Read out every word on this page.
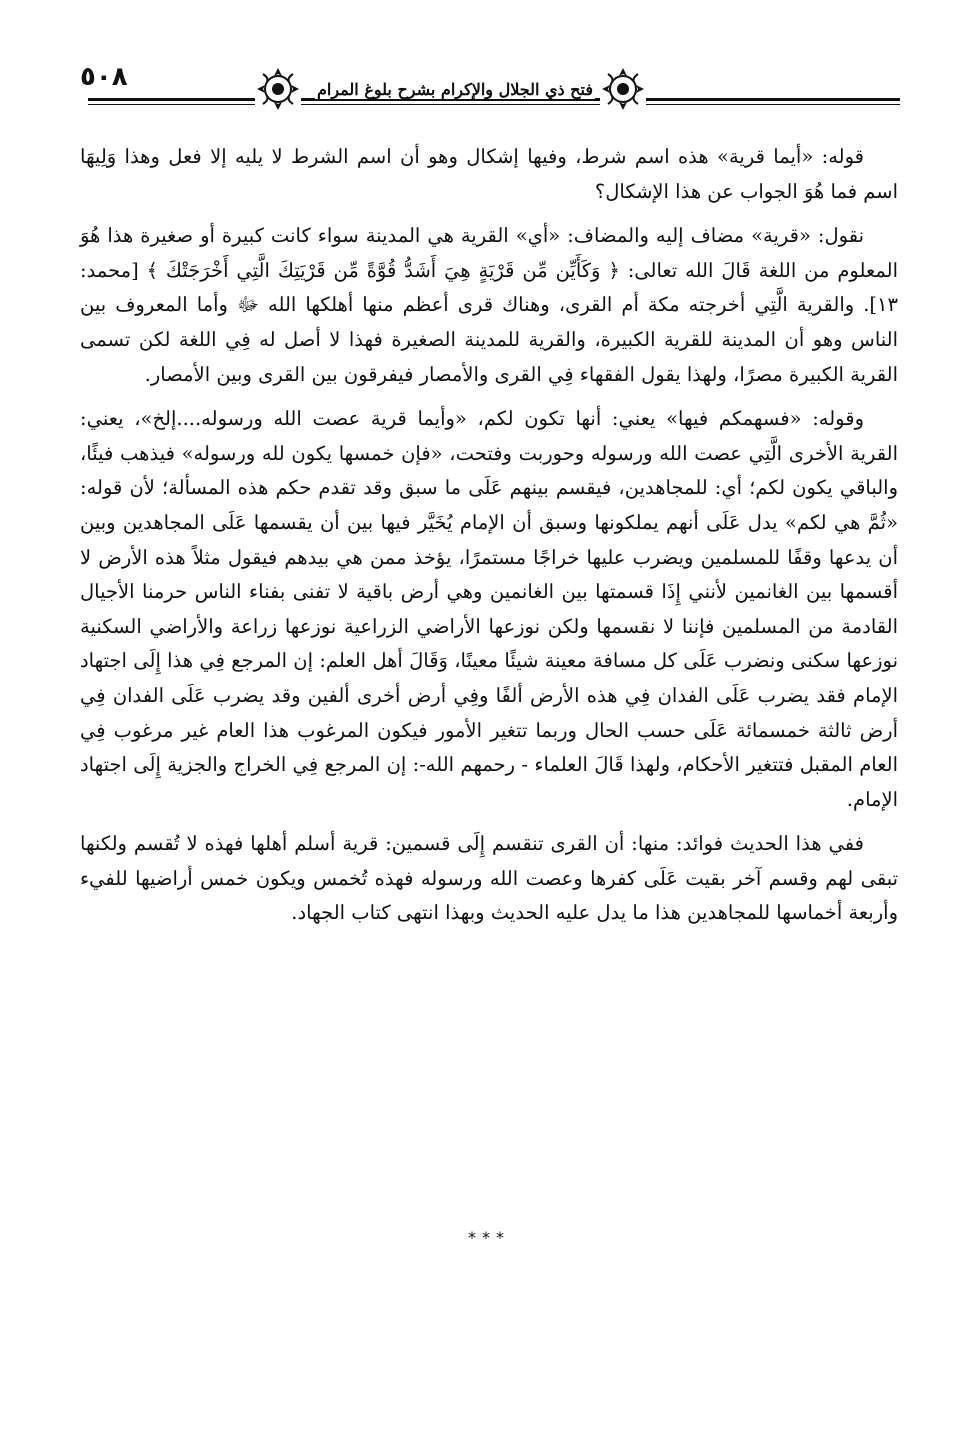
٥٠٨	فتح ذي الجلال والإكرام بشرح بلوغ المرام

قوله: «أيما قرية» هذه اسم شرط، وفيها إشكال وهو أن اسم الشرط لا يليه إلا فعل وهذا وَلِيهَا اسم فما هُوَ الجواب عن هذا الإشكال؟

نقول: «قرية» مضاف إليه والمضاف: «أي» القرية هي المدينة سواء كانت كبيرة أو صغيرة هذا هُوَ المعلوم من اللغة قَالَ الله تعالى: ﴿ وَكَأَيِّن مِّن قَرْيَةٍ هِيَ أَشَدُّ قُوَّةً مِّن قَرْيَتِكَ الَّتِي أَخْرَجَتْكَ ﴾ [محمد: ١٣]. والقرية الَّتِي أخرجته مكة أم القرى، وهناك قرى أعظم منها أهلكها الله ﷻ وأما المعروف بين الناس وهو أن المدينة للقرية الكبيرة، والقرية للمدينة الصغيرة فهذا لا أصل له فِي اللغة لكن تسمى القرية الكبيرة مصرًا، ولهذا يقول الفقهاء فِي القرى والأمصار فيفرقون بين القرى وبين الأمصار.

وقوله: «فسهمكم فيها» يعني: أنها تكون لكم، «وأيما قرية عصت الله ورسوله....إلخ»، يعني: القرية الأخرى الَّتِي عصت الله ورسوله وحوربت وفتحت، «فإن خمسها يكون لله ورسوله» فيذهب فيئًا، والباقي يكون لكم؛ أي: للمجاهدين، فيقسم بينهم عَلَى ما سبق وقد تقدم حكم هذه المسألة؛ لأن قوله: «ثُمَّ هي لكم» يدل عَلَى أنهم يملكونها وسبق أن الإمام يُخَيَّر فيها بين أن يقسمها عَلَى المجاهدين وبين أن يدعها وقفًا للمسلمين ويضرب عليها خراجًا مستمرًا، يؤخذ ممن هي بيدهم فيقول مثلاً هذه الأرض لا أقسمها بين الغانمين لأنني إِذَا قسمتها بين الغانمين وهي أرض باقية لا تفنى بفناء الناس حرمنا الأجيال القادمة من المسلمين فإننا لا نقسمها ولكن نوزعها الأراضي الزراعية نوزعها زراعة والأراضي السكنية نوزعها سكنى ونضرب عَلَى كل مسافة معينة شيئًا معينًا، وَقَالَ أهل العلم: إن المرجع فِي هذا إِلَى اجتهاد الإمام فقد يضرب عَلَى الفدان فِي هذه الأرض ألفًا وفِي أرض أخرى ألفين وقد يضرب عَلَى الفدان فِي أرض ثالثة خمسمائة عَلَى حسب الحال وربما تتغير الأمور فيكون المرغوب هذا العام غير مرغوب فِي العام المقبل فتتغير الأحكام، ولهذا قَالَ العلماء - رحمهم الله-: إن المرجع فِي الخراج والجزية إِلَى اجتهاد الإمام.

ففي هذا الحديث فوائد: منها: أن القرى تنقسم إِلَى قسمين: قرية أسلم أهلها فهذه لا تُقسم ولكنها تبقى لهم وقسم آخر بقيت عَلَى كفرها وعصت الله ورسوله فهذه تُخمس ويكون خمس أراضيها للفيء وأربعة أخماسها للمجاهدين هذا ما يدل عليه الحديث وبهذا انتهى كتاب الجهاد.

***
